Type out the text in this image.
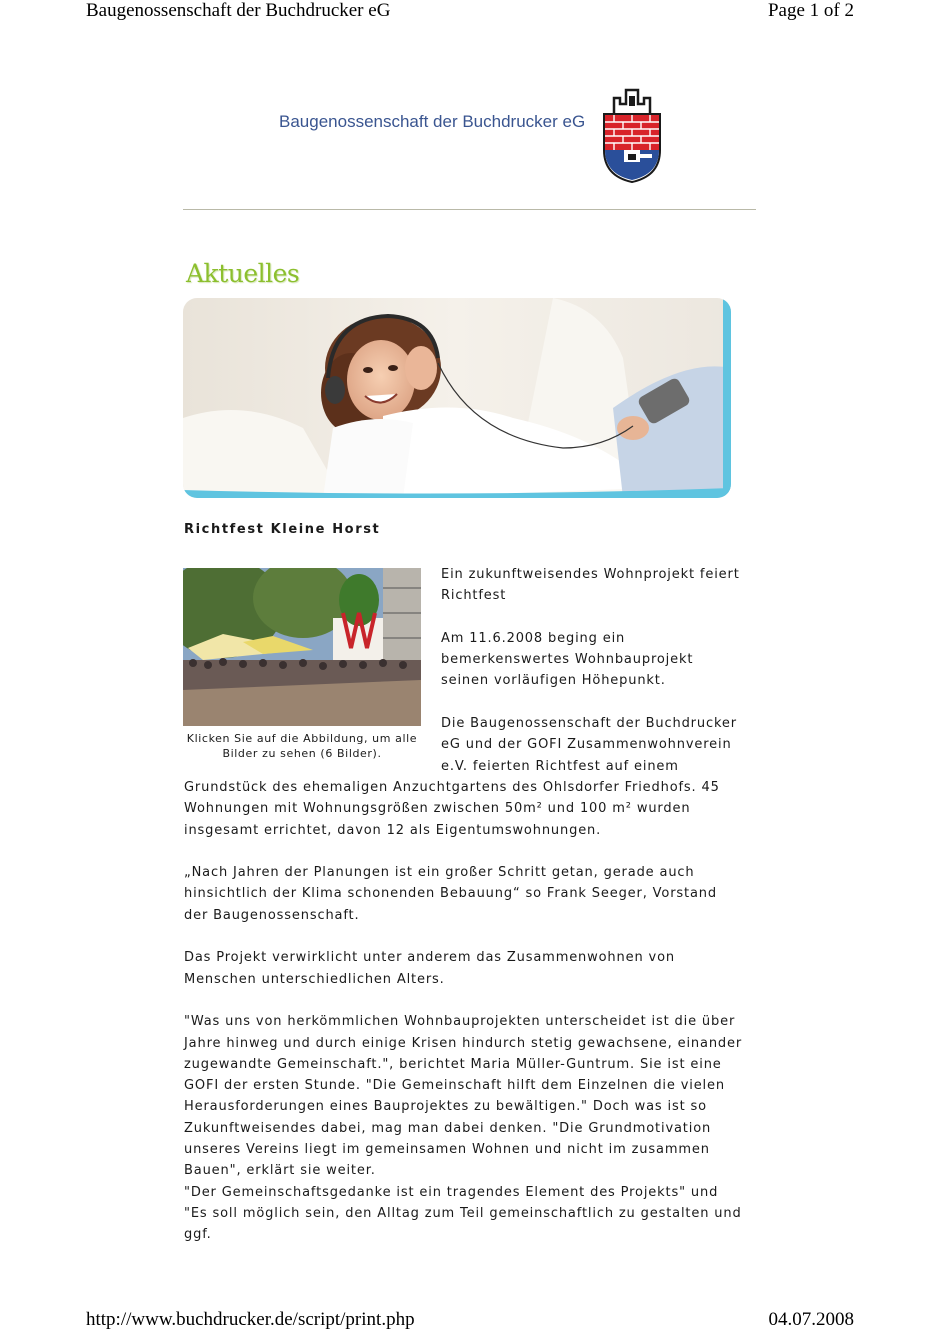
Baugenossenschaft der Buchdrucker eG	Page 1 of 2
Baugenossenschaft der Buchdrucker eG
Aktuelles
Richtfest Kleine Horst
Klicken Sie auf die Abbildung, um alle Bilder zu sehen (6 Bilder).
Ein zukunftweisendes Wohnprojekt feiert Richtfest
Am 11.6.2008 beging ein bemerkenswertes Wohnbauprojekt seinen vorläufigen Höhepunkt.
Die Baugenossenschaft der Buchdrucker eG und der GOFI Zusammenwohnverein e.V. feierten Richtfest auf einem
Grundstück des ehemaligen Anzuchtgartens des Ohlsdorfer Friedhofs. 45 Wohnungen mit Wohnungsgrößen zwischen 50m² und 100 m² wurden insgesamt errichtet, davon 12 als Eigentumswohnungen.
„Nach Jahren der Planungen ist ein großer Schritt getan, gerade auch hinsichtlich der Klima schonenden Bebauung“ so Frank Seeger, Vorstand der Baugenossenschaft.
Das Projekt verwirklicht unter anderem das Zusammenwohnen von Menschen unterschiedlichen Alters.
"Was uns von herkömmlichen Wohnbauprojekten unterscheidet ist die über Jahre hinweg und durch einige Krisen hindurch stetig gewachsene, einander zugewandte Gemeinschaft.", berichtet Maria Müller-Guntrum. Sie ist eine GOFI der ersten Stunde. "Die Gemeinschaft hilft dem Einzelnen die vielen Herausforderungen eines Bauprojektes zu bewältigen." Doch was ist so Zukunftweisendes dabei, mag man dabei denken. "Die Grundmotivation unseres Vereins liegt im gemeinsamen Wohnen und nicht im zusammen Bauen", erklärt sie weiter.
"Der Gemeinschaftsgedanke ist ein tragendes Element des Projekts" und "Es soll möglich sein, den Alltag zum Teil gemeinschaftlich zu gestalten und ggf.
http://www.buchdrucker.de/script/print.php	04.07.2008
